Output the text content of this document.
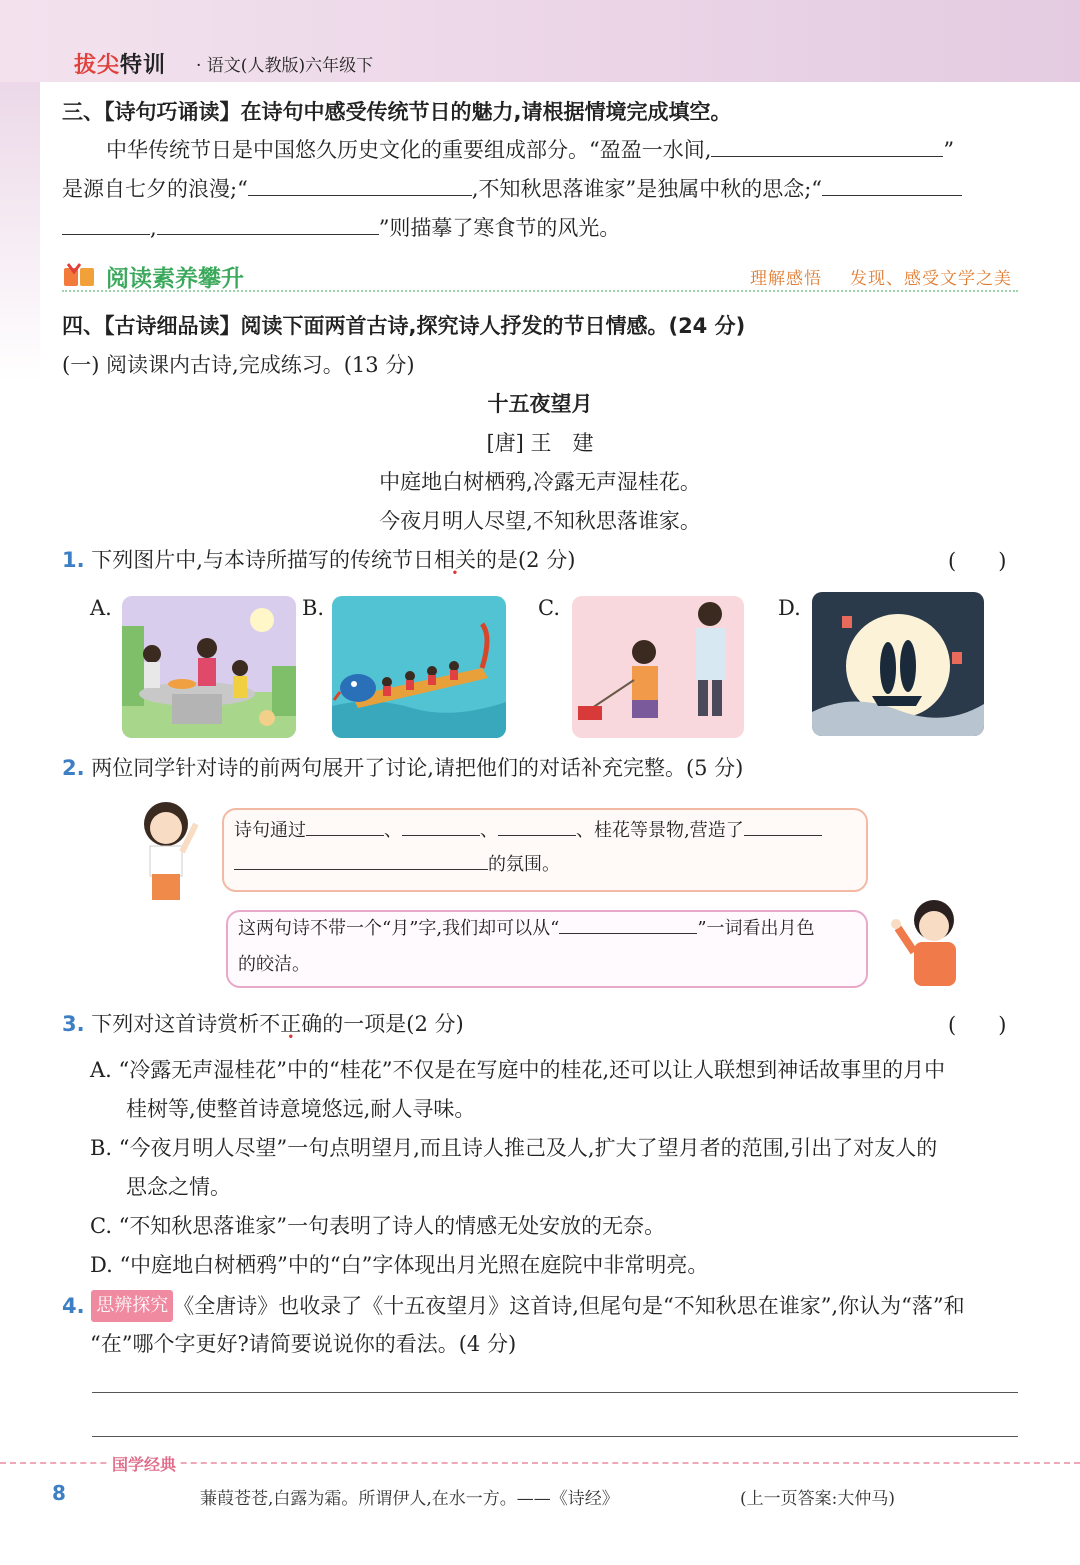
拔尖特训 · 语文(人教版)六年级下
三、【诗句巧诵读】在诗句中感受传统节日的魅力,请根据情境完成填空。
中华传统节日是中国悠久历史文化的重要组成部分。“盈盈一水间,	”
是源自七夕的浪漫;“	,不知秋思落谁家”是独属中秋的思念;“
,	”则描摹了寒食节的风光。
阅读素养攀升	理解感悟 发现、感受文学之美
四、【古诗细品读】阅读下面两首古诗,探究诗人抒发的节日情感。(24 分)
(一) 阅读课内古诗,完成练习。(13 分)
十五夜望月
[唐] 王　建
中庭地白树栖鸦,冷露无声湿桂花。
今夜月明人尽望,不知秋思落谁家。
1. 下列图片中,与本诗所描写的传统节日相关的是(2 分)	(　　)
A.	B.	C.	D.
2. 两位同学针对诗的前两句展开了讨论,请把他们的对话补充完整。(5 分)
诗句通过	、	、	、桂花等景物,营造了
的氛围。
这两句诗不带一个“月”字,我们却可以从“	”一词看出月色
的皎洁。
3. 下列对这首诗赏析不正确的一项是(2 分)	(　　)
A. “冷露无声湿桂花”中的“桂花”不仅是在写庭中的桂花,还可以让人联想到神话故事里的月中
桂树等,使整首诗意境悠远,耐人寻味。
B. “今夜月明人尽望”一句点明望月,而且诗人推己及人,扩大了望月者的范围,引出了对友人的
思念之情。
C. “不知秋思落谁家”一句表明了诗人的情感无处安放的无奈。
D. “中庭地白树栖鸦”中的“白”字体现出月光照在庭院中非常明亮。
4. 思辨探究 《全唐诗》也收录了《十五夜望月》这首诗,但尾句是“不知秋思在谁家”,你认为“落”和
“在”哪个字更好?请简要说说你的看法。(4 分)
国学经典
8	蒹葭苍苍,白露为霜。所谓伊人,在水一方。——《诗经》	(上一页答案:大仲马)
